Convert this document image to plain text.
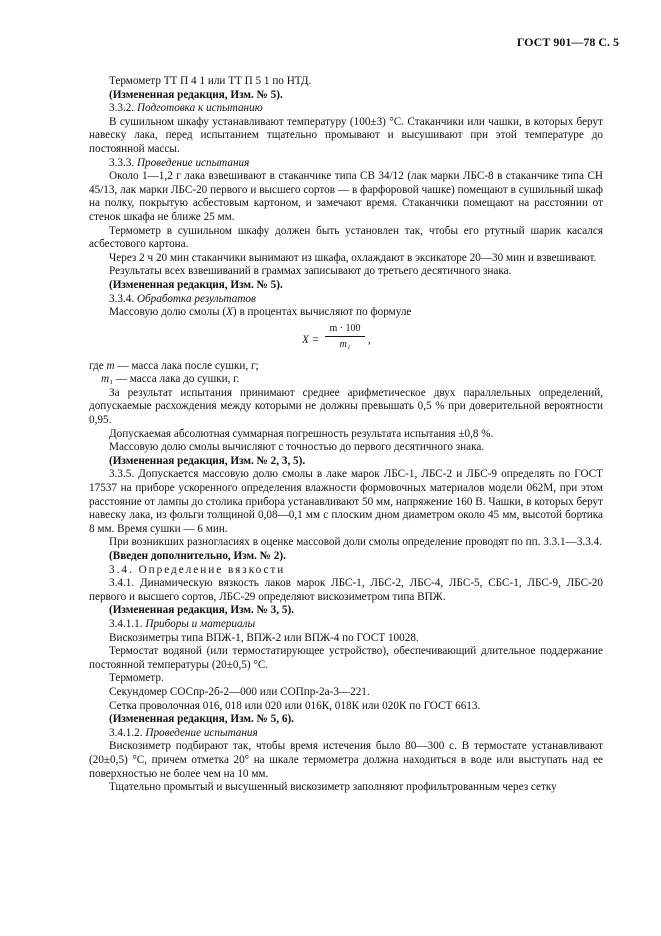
ГОСТ 901—78 С. 5

Термометр ТТ П 4 1 или ТТ П 5 1 по НТД.

(Измененная редакция, Изм. № 5).

3.3.2. Подготовка к испытанию

В сушильном шкафу устанавливают температуру (100±3) °С. Стаканчики или чашки, в которых берут навеску лака, перед испытанием тщательно промывают и высушивают при этой температуре до постоянной массы.

3.3.3. Проведение испытания

Около 1—1,2 г лака взвешивают в стаканчике типа СВ 34/12 (лак марки ЛБС-8 в стаканчике типа СН 45/13, лак марки ЛБС-20 первого и высшего сортов — в фарфоровой чашке) помещают в сушильный шкаф на полку, покрытую асбестовым картоном, и замечают время. Стаканчики помещают на расстоянии от стенок шкафа не ближе 25 мм.

Термометр в сушильном шкафу должен быть установлен так, чтобы его ртутный шарик касался асбестового картона.

Через 2 ч 20 мин стаканчики вынимают из шкафа, охлаждают в эксикаторе 20—30 мин и взвешивают.

Результаты всех взвешиваний в граммах записывают до третьего десятичного знака.

(Измененная редакция, Изм. № 5).

3.3.4. Обработка результатов

Массовую долю смолы (X) в процентах вычисляют по формуле

$X = \frac{m \cdot 100}{\text{m₁}}$ ,

где m — масса лака после сушки, г;

m₁ — масса лака до сушки, г.

За результат испытания принимают среднее арифметическое двух параллельных определений, допускаемые расхождения между которыми не должны превышать 0,5 % при доверительной вероятности 0,95.

Допускаемая абсолютная суммарная погрешность результата испытания ±0,8 %.

Массовую долю смолы вычисляют с точностью до первого десятичного знака.

(Измененная редакция, Изм. № 2, 3, 5).

3.3.5. Допускается массовую долю смолы в лаке марок ЛБС-1, ЛБС-2 и ЛБС-9 определять по ГОСТ 17537 на приборе ускоренного определения влажности формовочных материалов модели 062М, при этом расстояние от лампы до столика прибора устанавливают 50 мм, напряжение 160 В. Чашки, в которых берут навеску лака, из фольги толщиной 0,08—0,1 мм с плоским дном диаметром около 45 мм, высотой бортика 8 мм. Время сушки — 6 мин.

При возникших разногласиях в оценке массовой доли смолы определение проводят по пп. 3.3.1—3.3.4.

(Введен дополнительно, Изм. № 2).

3.4. Определение вязкости

3.4.1. Динамическую вязкость лаков марок ЛБС-1, ЛБС-2, ЛБС-4, ЛБС-5, СБС-1, ЛБС-9, ЛБС-20 первого и высшего сортов, ЛБС-29 определяют вискозиметром типа ВПЖ.

(Измененная редакция, Изм. № 3, 5).

3.4.1.1. Приборы и материалы

Вискозиметры типа ВПЖ-1, ВПЖ-2 или ВПЖ-4 по ГОСТ 10028.

Термостат водяной (или термостатирующее устройство), обеспечивающий длительное поддержание постоянной температуры (20±0,5) °С.

Термометр.

Секундомер СОСпр-2б-2—000 или СОПпр-2а-3—221.

Сетка проволочная 016, 018 или 020 или 016К, 018К или 020К по ГОСТ 6613.

(Измененная редакция, Изм. № 5, 6).

3.4.1.2. Проведение испытания

Вискозиметр подбирают так, чтобы время истечения было 80—300 с. В термостате устанавливают (20±0,5) °С, причем отметка 20° на шкале термометра должна находиться в воде или выступать над ее поверхностью не более чем на 10 мм.

Тщательно промытый и высушенный вискозиметр заполняют профильтрованным через сетку
